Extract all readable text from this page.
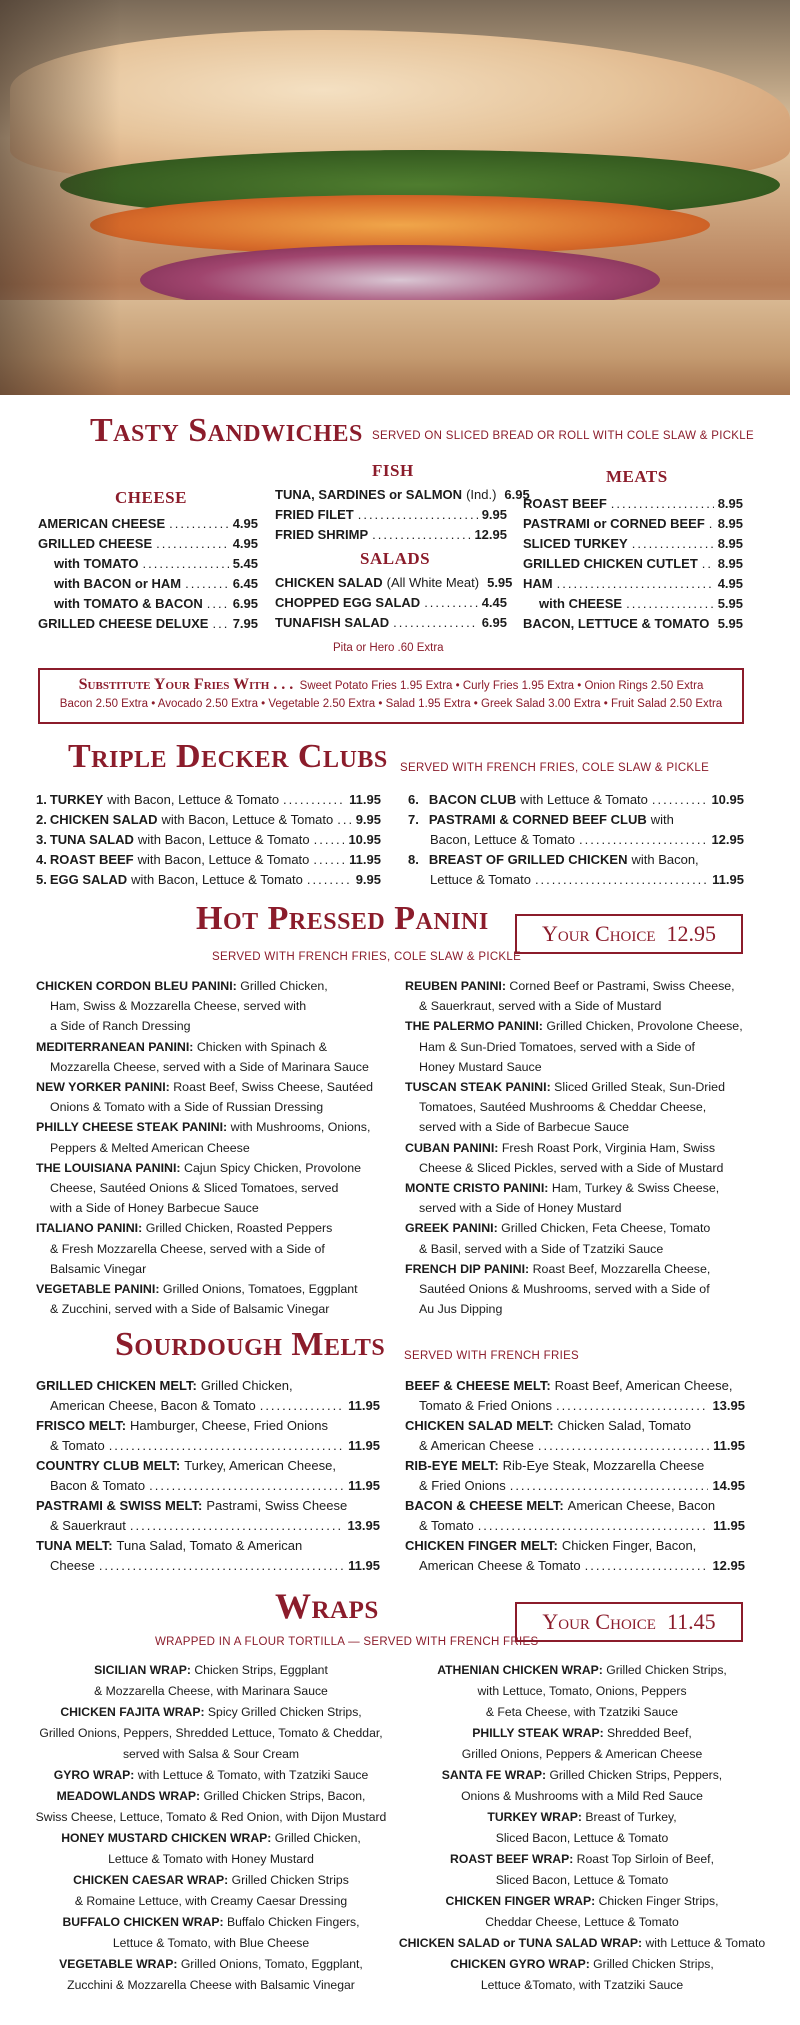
Tasty Sandwiches SERVED ON SLICED BREAD OR ROLL WITH COLE SLAW & PICKLE
CHEESE
AMERICAN CHEESE .....	4.95
GRILLED CHEESE .....	4.95
with TOMATO .....	5.45
with BACON or HAM .....	6.45
with TOMATO & BACON ..... 6.95
GRILLED CHEESE DELUXE ..... 7.95
FISH
TUNA, SARDINES or SALMON (Ind.) 6.95
FRIED FILET .....	9.95
FRIED SHRIMP .....	12.95
SALADS
CHICKEN SALAD (All White Meat) 5.95
CHOPPED EGG SALAD .....	4.45
TUNAFISH SALAD .....	6.95
Pita or Hero .60 Extra
MEATS
ROAST BEEF .....	8.95
PASTRAMI or CORNED BEEF ..... 8.95
SLICED TURKEY .....	8.95
GRILLED CHICKEN CUTLET ..... 8.95
HAM .....	4.95
with CHEESE .....	5.95
BACON, LETTUCE & TOMATO ..... 5.95
Substitute Your Fries With . . . Sweet Potato Fries 1.95 Extra • Curly Fries 1.95 Extra • Onion Rings 2.50 Extra
Bacon 2.50 Extra • Avocado 2.50 Extra • Vegetable 2.50 Extra • Salad 1.95 Extra • Greek Salad 3.00 Extra • Fruit Salad 2.50 Extra
Triple Decker Clubs SERVED WITH FRENCH FRIES, COLE SLAW & PICKLE
1. TURKEY with Bacon, Lettuce & Tomato .....	11.95
2. CHICKEN SALAD with Bacon, Lettuce & Tomato ..... 9.95
3. TUNA SALAD with Bacon, Lettuce & Tomato .....	10.95
4. ROAST BEEF with Bacon, Lettuce & Tomato .....	11.95
5. EGG SALAD with Bacon, Lettuce & Tomato .....	9.95
6. BACON CLUB with Lettuce & Tomato .....	10.95
7. PASTRAMI & CORNED BEEF CLUB with
Bacon, Lettuce & Tomato .....	12.95
8. BREAST OF GRILLED CHICKEN with Bacon,
Lettuce & Tomato .....	11.95
Hot Pressed Panini
SERVED WITH FRENCH FRIES, COLE SLAW & PICKLE
Your Choice 12.95
CHICKEN CORDON BLEU PANINI: Grilled Chicken,
Ham, Swiss & Mozzarella Cheese, served with
a Side of Ranch Dressing
MEDITERRANEAN PANINI: Chicken with Spinach &
Mozzarella Cheese, served with a Side of Marinara Sauce
NEW YORKER PANINI: Roast Beef, Swiss Cheese, Sautéed
Onions & Tomato with a Side of Russian Dressing
PHILLY CHEESE STEAK PANINI: with Mushrooms, Onions,
Peppers & Melted American Cheese
THE LOUISIANA PANINI: Cajun Spicy Chicken, Provolone
Cheese, Sautéed Onions & Sliced Tomatoes, served
with a Side of Honey Barbecue Sauce
ITALIANO PANINI: Grilled Chicken, Roasted Peppers
& Fresh Mozzarella Cheese, served with a Side of
Balsamic Vinegar
VEGETABLE PANINI: Grilled Onions, Tomatoes, Eggplant
& Zucchini, served with a Side of Balsamic Vinegar
REUBEN PANINI: Corned Beef or Pastrami, Swiss Cheese,
& Sauerkraut, served with a Side of Mustard
THE PALERMO PANINI: Grilled Chicken, Provolone Cheese,
Ham & Sun-Dried Tomatoes, served with a Side of
Honey Mustard Sauce
TUSCAN STEAK PANINI: Sliced Grilled Steak, Sun-Dried
Tomatoes, Sautéed Mushrooms & Cheddar Cheese,
served with a Side of Barbecue Sauce
CUBAN PANINI: Fresh Roast Pork, Virginia Ham, Swiss
Cheese & Sliced Pickles, served with a Side of Mustard
MONTE CRISTO PANINI: Ham, Turkey & Swiss Cheese,
served with a Side of Honey Mustard
GREEK PANINI: Grilled Chicken, Feta Cheese, Tomato
& Basil, served with a Side of Tzatziki Sauce
FRENCH DIP PANINI: Roast Beef, Mozzarella Cheese,
Sautéed Onions & Mushrooms, served with a Side of
Au Jus Dipping
Sourdough Melts SERVED WITH FRENCH FRIES
GRILLED CHICKEN MELT: Grilled Chicken,
American Cheese, Bacon & Tomato .....	11.95
FRISCO MELT: Hamburger, Cheese, Fried Onions
& Tomato .....	11.95
COUNTRY CLUB MELT: Turkey, American Cheese,
Bacon & Tomato .....	11.95
PASTRAMI & SWISS MELT: Pastrami, Swiss Cheese
& Sauerkraut .....	13.95
TUNA MELT: Tuna Salad, Tomato & American
Cheese .....	11.95
BEEF & CHEESE MELT: Roast Beef, American Cheese,
Tomato & Fried Onions .....	13.95
CHICKEN SALAD MELT: Chicken Salad, Tomato
& American Cheese .....	11.95
RIB-EYE MELT: Rib-Eye Steak, Mozzarella Cheese
& Fried Onions .....	14.95
BACON & CHEESE MELT: American Cheese, Bacon
& Tomato .....	11.95
CHICKEN FINGER MELT: Chicken Finger, Bacon,
American Cheese & Tomato .....	12.95
Wraps
WRAPPED IN A FLOUR TORTILLA — SERVED WITH FRENCH FRIES
Your Choice 11.45
SICILIAN WRAP: Chicken Strips, Eggplant
& Mozzarella Cheese, with Marinara Sauce
CHICKEN FAJITA WRAP: Spicy Grilled Chicken Strips,
Grilled Onions, Peppers, Shredded Lettuce, Tomato & Cheddar,
served with Salsa & Sour Cream
GYRO WRAP: with Lettuce & Tomato, with Tzatziki Sauce
MEADOWLANDS WRAP: Grilled Chicken Strips, Bacon,
Swiss Cheese, Lettuce, Tomato & Red Onion, with Dijon Mustard
HONEY MUSTARD CHICKEN WRAP: Grilled Chicken,
Lettuce & Tomato with Honey Mustard
CHICKEN CAESAR WRAP: Grilled Chicken Strips
& Romaine Lettuce, with Creamy Caesar Dressing
BUFFALO CHICKEN WRAP: Buffalo Chicken Fingers,
Lettuce & Tomato, with Blue Cheese
VEGETABLE WRAP: Grilled Onions, Tomato, Eggplant,
Zucchini & Mozzarella Cheese with Balsamic Vinegar
ATHENIAN CHICKEN WRAP: Grilled Chicken Strips,
with Lettuce, Tomato, Onions, Peppers
& Feta Cheese, with Tzatziki Sauce
PHILLY STEAK WRAP: Shredded Beef,
Grilled Onions, Peppers & American Cheese
SANTA FE WRAP: Grilled Chicken Strips, Peppers,
Onions & Mushrooms with a Mild Red Sauce
TURKEY WRAP: Breast of Turkey,
Sliced Bacon, Lettuce & Tomato
ROAST BEEF WRAP: Roast Top Sirloin of Beef,
Sliced Bacon, Lettuce & Tomato
CHICKEN FINGER WRAP: Chicken Finger Strips,
Cheddar Cheese, Lettuce & Tomato
CHICKEN SALAD or TUNA SALAD WRAP: with Lettuce & Tomato
CHICKEN GYRO WRAP: Grilled Chicken Strips,
Lettuce &Tomato, with Tzatziki Sauce
